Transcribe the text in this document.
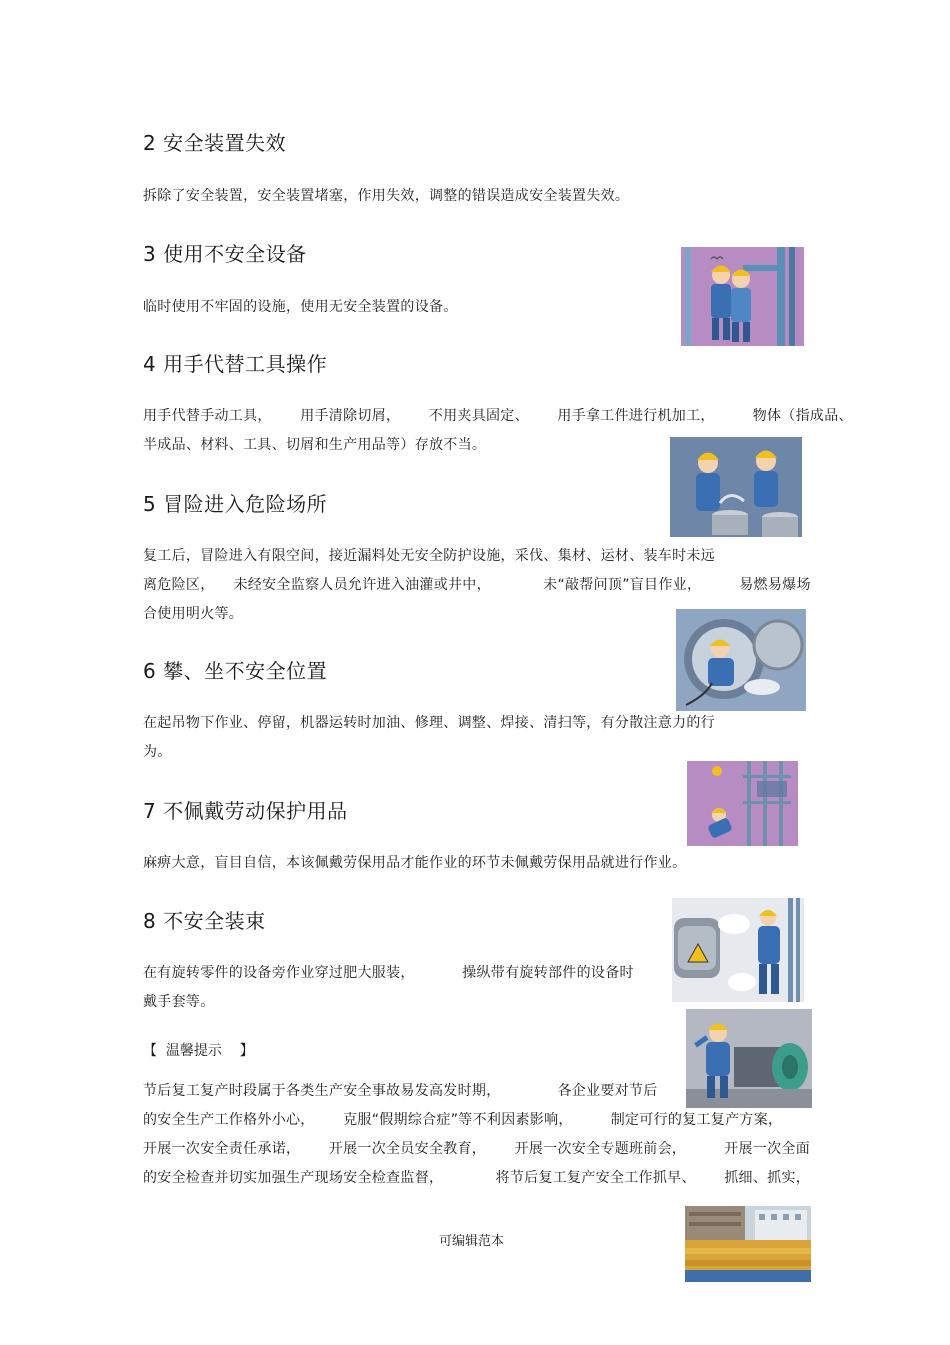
2 安全装置失效

拆除了安全装置，安全装置堵塞，作用失效，调整的错误造成安全装置失效。

3 使用不安全设备

临时使用不牢固的设施，使用无安全装置的设备。

4 用手代替工具操作

用手代替手动工具，      用手清除切屑，      不用夹具固定、      用手拿工件进行机加工，        物体（指成品、

半成品、材料、工具、切屑和生产用品等）存放不当。

5 冒险进入危险场所

复工后，冒险进入有限空间，接近漏料处无安全防护设施，采伐、集材、运材、装车时未远

离危险区，    未经安全监察人员允许进入油灌或井中，           未“敲帮问顶”盲目作业，        易燃易爆场

合使用明火等。

6 攀、坐不安全位置

在起吊物下作业、停留，机器运转时加油、修理、调整、焊接、清扫等，有分散注意力的行

为。

7 不佩戴劳动保护用品

麻痹大意，盲目自信，本该佩戴劳保用品才能作业的环节未佩戴劳保用品就进行作业。

8 不安全装束

在有旋转零件的设备旁作业穿过肥大服装，          操纵带有旋转部件的设备时

戴手套等。

【  温馨提示    】

节后复工复产时段属于各类生产安全事故易发高发时期，            各企业要对节后

的安全生产工作格外小心，      克服“假期综合症”等不利因素影响，        制定可行的复工复产方案，

开展一次安全责任承诺，      开展一次全员安全教育，      开展一次安全专题班前会，        开展一次全面

的安全检查并切实加强生产现场安全检查监督，           将节后复工复产安全工作抓早、      抓细、抓实，

可编辑范本
